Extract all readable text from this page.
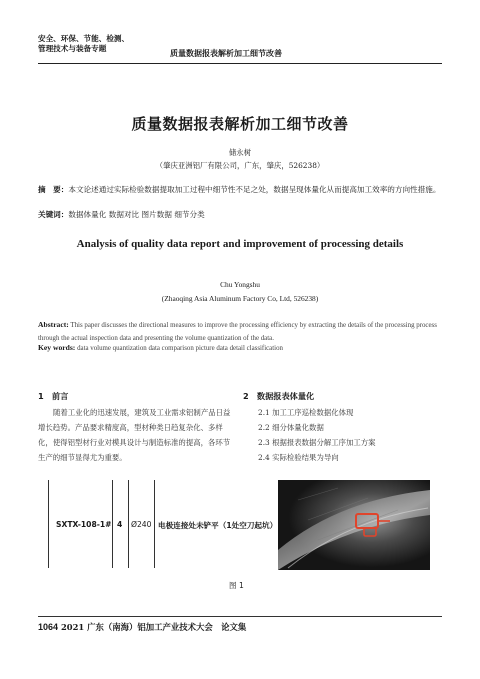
安全、环保、节能、检测、
管理技术与装备专题	质量数据报表解析加工细节改善
质量数据报表解析加工细节改善
储永树
（肇庆亚洲铝厂有限公司，广东，肇庆，526238）
摘　要：本文论述通过实际检验数据提取加工过程中细节性不足之处，数据呈现体量化从而提高加工效率的方向性措施。
关键词：数据体量化 数据对比 图片数据 细节分类
Analysis of quality data report and improvement of processing details
Chu Yongshu
(Zhaoqing Asia Aluminum Factory Co, Ltd, 526238)
Abstract: This paper discusses the directional measures to improve the processing efficiency by extracting the details of the processing process through the actual inspection data and presenting the volume quantization of the data.
Key words: data volume quantization data comparison picture data detail classification
1　前言
随着工业化的迅速发展，建筑及工业需求铝制产品日益增长趋势。产品要求精度高，型材种类日趋复杂化、多样化，使得铝型材行业对模具设计与制造标准的提高，各环节生产的细节显得尤为重要。
2　数据报表体量化
2.1 加工工序巡检数据化体现
2.2 细分体量化数据
2.3 根据报表数据分解工序加工方案
2.4 实际检验结果为导向
SXTX-108-1# 4 Ø240 电极连接处未铲平（1处空刀起坑）
图 1
1064 2021 广东（南海）铝加工产业技术大会　论文集
